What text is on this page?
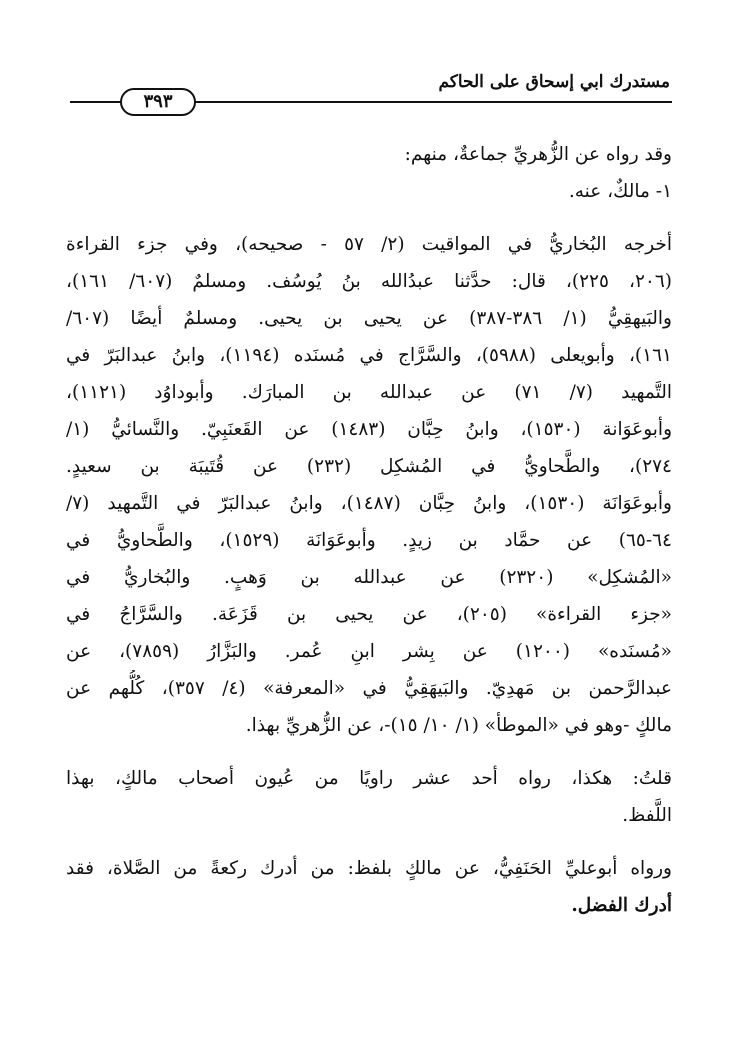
مستدرك ابي إسحاق على الحاكم
٣٩٣
وقد رواه عن الزُّهريِّ جماعةٌ، منهم:
١- مالكٌ، عنه.
أخرجه البُخاريُّ في المواقيت (٢/ ٥٧ - صحيحه)، وفي جزء القراءة
(٢٠٦، ٢٢٥)، قال: حدَّثنا عبدُالله بنُ يُوسُف. ومسلمٌ (٦٠٧/ ١٦١)،
والبَيهقِيُّ (١/ ٣٨٦-٣٨٧) عن يحيى بن يحيى. ومسلمٌ أيضًا (٦٠٧/
١٦١)، وأبويعلى (٥٩٨٨)، والسَّرَّاج في مُسنَده (١١٩٤)، وابنُ عبدالبَرّ في
التَّمهيد (٧/ ٧١) عن عبدالله بن المبارَك. وأبوداوُد (١١٢١)،
وأبوعَوَانة (١٥٣٠)، وابنُ حِبَّان (١٤٨٣) عن القَعنَبِيّ. والنَّسائيُّ (١/
٢٧٤)، والطَّحاويُّ في المُشكِل (٢٣٢) عن قُتَيبَة بن سعيدٍ.
وأبوعَوَانَة (١٥٣٠)، وابنُ حِبَّان (١٤٨٧)، وابنُ عبدالبَرّ في التَّمهيد (٧/
٦٤-٦٥) عن حمَّاد بن زيدٍ. وأبوعَوَانَة (١٥٢٩)، والطَّحاويُّ في
«المُشكِل» (٢٣٢٠) عن عبدالله بن وَهبٍ. والبُخاريُّ في
«جزء القراءة» (٢٠٥)، عن يحيى بن قَزَعَة. والسَّرَّاجُ في
«مُسنَده» (١٢٠٠) عن بِشر ابنِ عُمر. والبَزَّارُ (٧٨٥٩)، عن
عبدالرَّحمن بن مَهدِيّ. والبَيهَقِيُّ في «المعرفة» (٤/ ٣٥٧)، كُلُّهم عن
مالكٍ -وهو في «الموطأ» (١/ ١٠/ ١٥)-، عن الزُّهريِّ بهذا.
قلتُ: هكذا، رواه أحد عشر راويًا من عُيون أصحاب مالكٍ، بهذا
اللَّفظ.
ورواه أبوعليِّ الحَنَفِيُّ، عن مالكٍ بلفظ: من أدرك ركعةً من الصَّلاة، فقد
أدرك الفضل.
